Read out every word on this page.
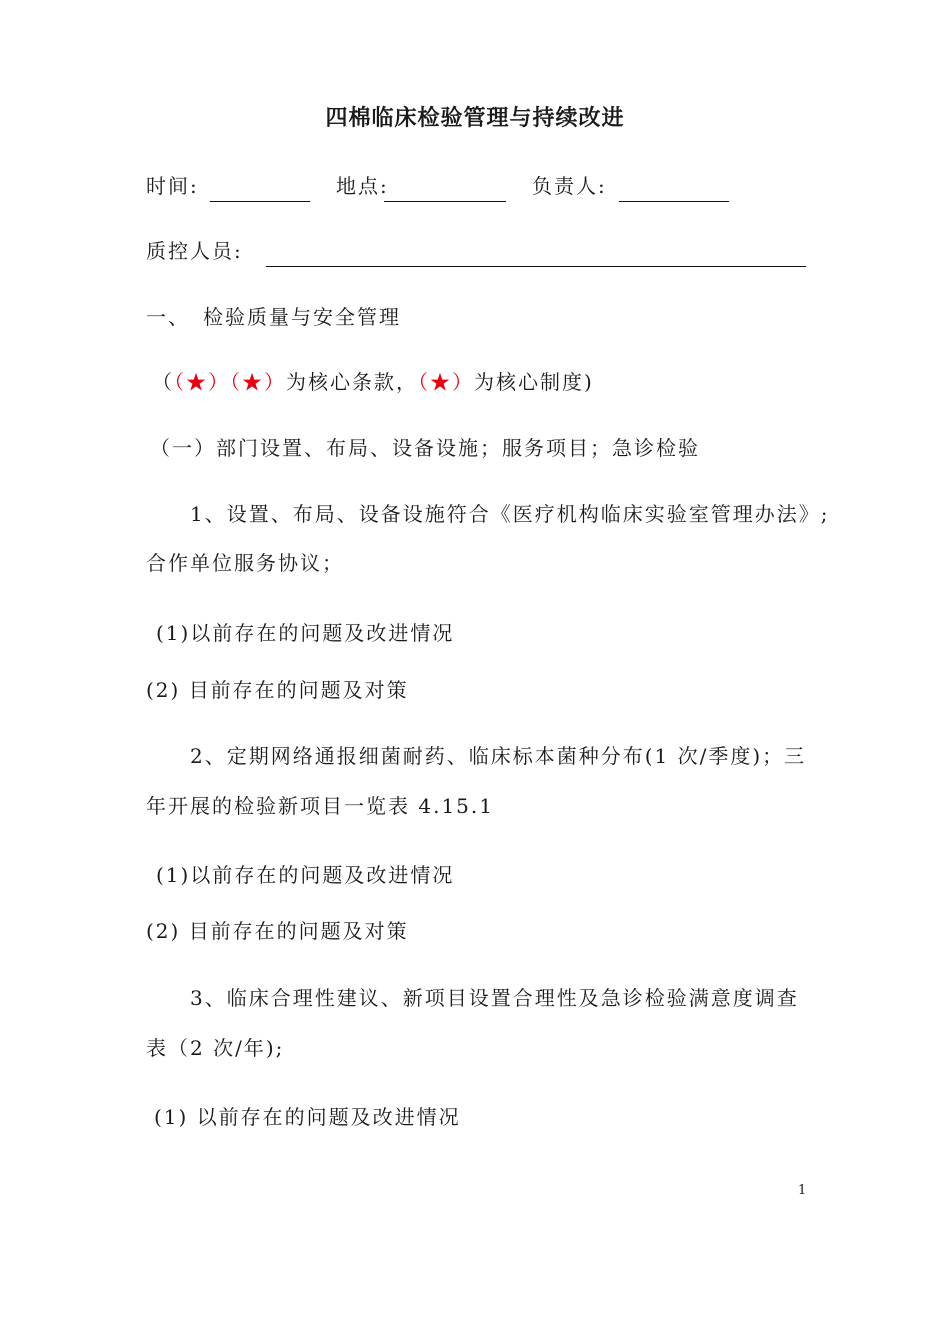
四棉临床检验管理与持续改进
时间:	地点:	负责人:
质控人员:
一、 检验质量与安全管理
（（★）（★）为核心条款，（★）为核心制度)
（一）部门设置、布局、设备设施；服务项目；急诊检验
1、设置、布局、设备设施符合《医疗机构临床实验室管理办法》;
合作单位服务协议；
(1)以前存在的问题及改进情况
(2) 目前存在的问题及对策
2、定期网络通报细菌耐药、临床标本菌种分布(1 次/季度)；三
年开展的检验新项目一览表 4.15.1
(1)以前存在的问题及改进情况
(2) 目前存在的问题及对策
3、临床合理性建议、新项目设置合理性及急诊检验满意度调查
表（2 次/年);
(1) 以前存在的问题及改进情况
1
